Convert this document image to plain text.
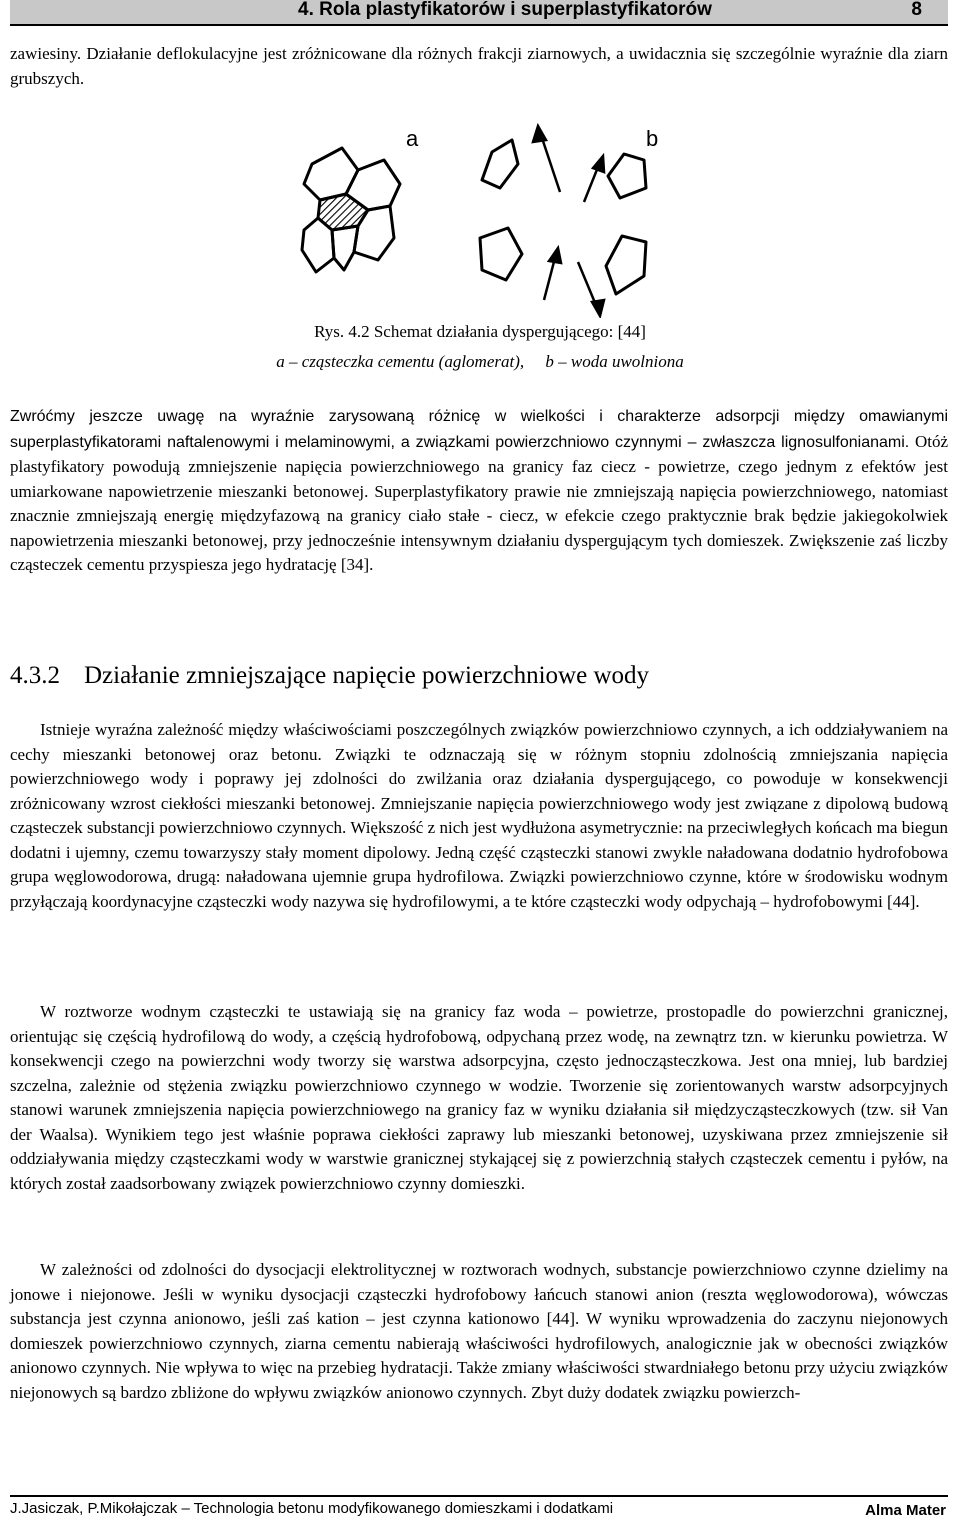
4. Rola plastyfikatorów i superplastyfikatorów	8

zawiesiny. Działanie deflokulacyjne jest zróżnicowane dla różnych frakcji ziarnowych, a uwidacznia się szczególnie wyraźnie dla ziarn grubszych.

a	b
Rys. 4.2 Schemat działania dyspergującego: [44]
a – cząsteczka cementu (aglomerat),     b – woda uwolniona
Zwróćmy jeszcze uwagę na wyraźnie zarysowaną różnicę w wielkości i charakterze adsorpcji między omawianymi superplastyfikatorami naftalenowymi i melaminowymi, a związkami powierzchniowo czynnymi – zwłaszcza lignosulfonianami. Otóż plastyfikatory powodują zmniejszenie napięcia powierzchniowego na granicy faz ciecz - powietrze, czego jednym z efektów jest umiarkowane napowietrzenie mieszanki betonowej. Superplastyfikatory prawie nie zmniejszają napięcia powierzchniowego, natomiast znacznie zmniejszają energię międzyfazową na granicy ciało stałe - ciecz, w efekcie czego praktycznie brak będzie jakiegokolwiek napowietrzenia mieszanki betonowej, przy jednocześnie intensywnym działaniu dyspergującym tych domieszek. Zwiększenie zaś liczby cząsteczek cementu przyspiesza jego hydratację [34].
4.3.2 Działanie zmniejszające napięcie powierzchniowe wody

Istnieje wyraźna zależność między właściwościami poszczególnych związków powierzchniowo czynnych, a ich oddziaływaniem na cechy mieszanki betonowej oraz betonu. Związki te odznaczają się w różnym stopniu zdolnością zmniejszania napięcia powierzchniowego wody i poprawy jej zdolności do zwilżania oraz działania dyspergującego, co powoduje w konsekwencji zróżnicowany wzrost ciekłości mieszanki betonowej. Zmniejszanie napięcia powierzchniowego wody jest związane z dipolową budową cząsteczek substancji powierzchniowo czynnych. Większość z nich jest wydłużona asymetrycznie: na przeciwległych końcach ma biegun dodatni i ujemny, czemu towarzyszy stały moment dipolowy. Jedną część cząsteczki stanowi zwykle naładowana dodatnio hydrofobowa grupa węglowodorowa, drugą: naładowana ujemnie grupa hydrofilowa. Związki powierzchniowo czynne, które w środowisku wodnym przyłączają koordynacyjne cząsteczki wody nazywa się hydrofilowymi, a te które cząsteczki wody odpychają – hydrofobowymi [44].

W roztworze wodnym cząsteczki te ustawiają się na granicy faz woda – powietrze, prostopadle do powierzchni granicznej, orientując się częścią hydrofilową do wody, a częścią hydrofobową, odpychaną przez wodę, na zewnątrz tzn. w kierunku powietrza. W konsekwencji czego na powierzchni wody tworzy się warstwa adsorpcyjna, często jednocząsteczkowa. Jest ona mniej, lub bardziej szczelna, zależnie od stężenia związku powierzchniowo czynnego w wodzie. Tworzenie się zorientowanych warstw adsorpcyjnych stanowi warunek zmniejszenia napięcia powierzchniowego na granicy faz w wyniku działania sił międzycząsteczkowych (tzw. sił Van der Waalsa). Wynikiem tego jest właśnie poprawa ciekłości zaprawy lub mieszanki betonowej, uzyskiwana przez zmniejszenie sił oddziaływania między cząsteczkami wody w warstwie granicznej stykającej się z powierzchnią stałych cząsteczek cementu i pyłów, na których został zaadsorbowany związek powierzchniowo czynny domieszki.

W zależności od zdolności do dysocjacji elektrolitycznej w roztworach wodnych, substancje powierzchniowo czynne dzielimy na jonowe i niejonowe. Jeśli w wyniku dysocjacji cząsteczki hydrofobowy łańcuch stanowi anion (reszta węglowodorowa), wówczas substancja jest czynna anionowo, jeśli zaś kation – jest czynna kationowo [44]. W wyniku wprowadzenia do zaczynu niejonowych domieszek powierzchniowo czynnych, ziarna cementu nabierają właściwości hydrofilowych, analogicznie jak w obecności związków anionowo czynnych. Nie wpływa to więc na przebieg hydratacji. Także zmiany właściwości stwardniałego betonu przy użyciu związków niejonowych są bardzo zbliżone do wpływu związków anionowo czynnych. Zbyt duży dodatek związku powierzch-

J.Jasiczak, P.Mikołajczak – Technologia betonu modyfikowanego domieszkami i dodatkami	Alma Mater
